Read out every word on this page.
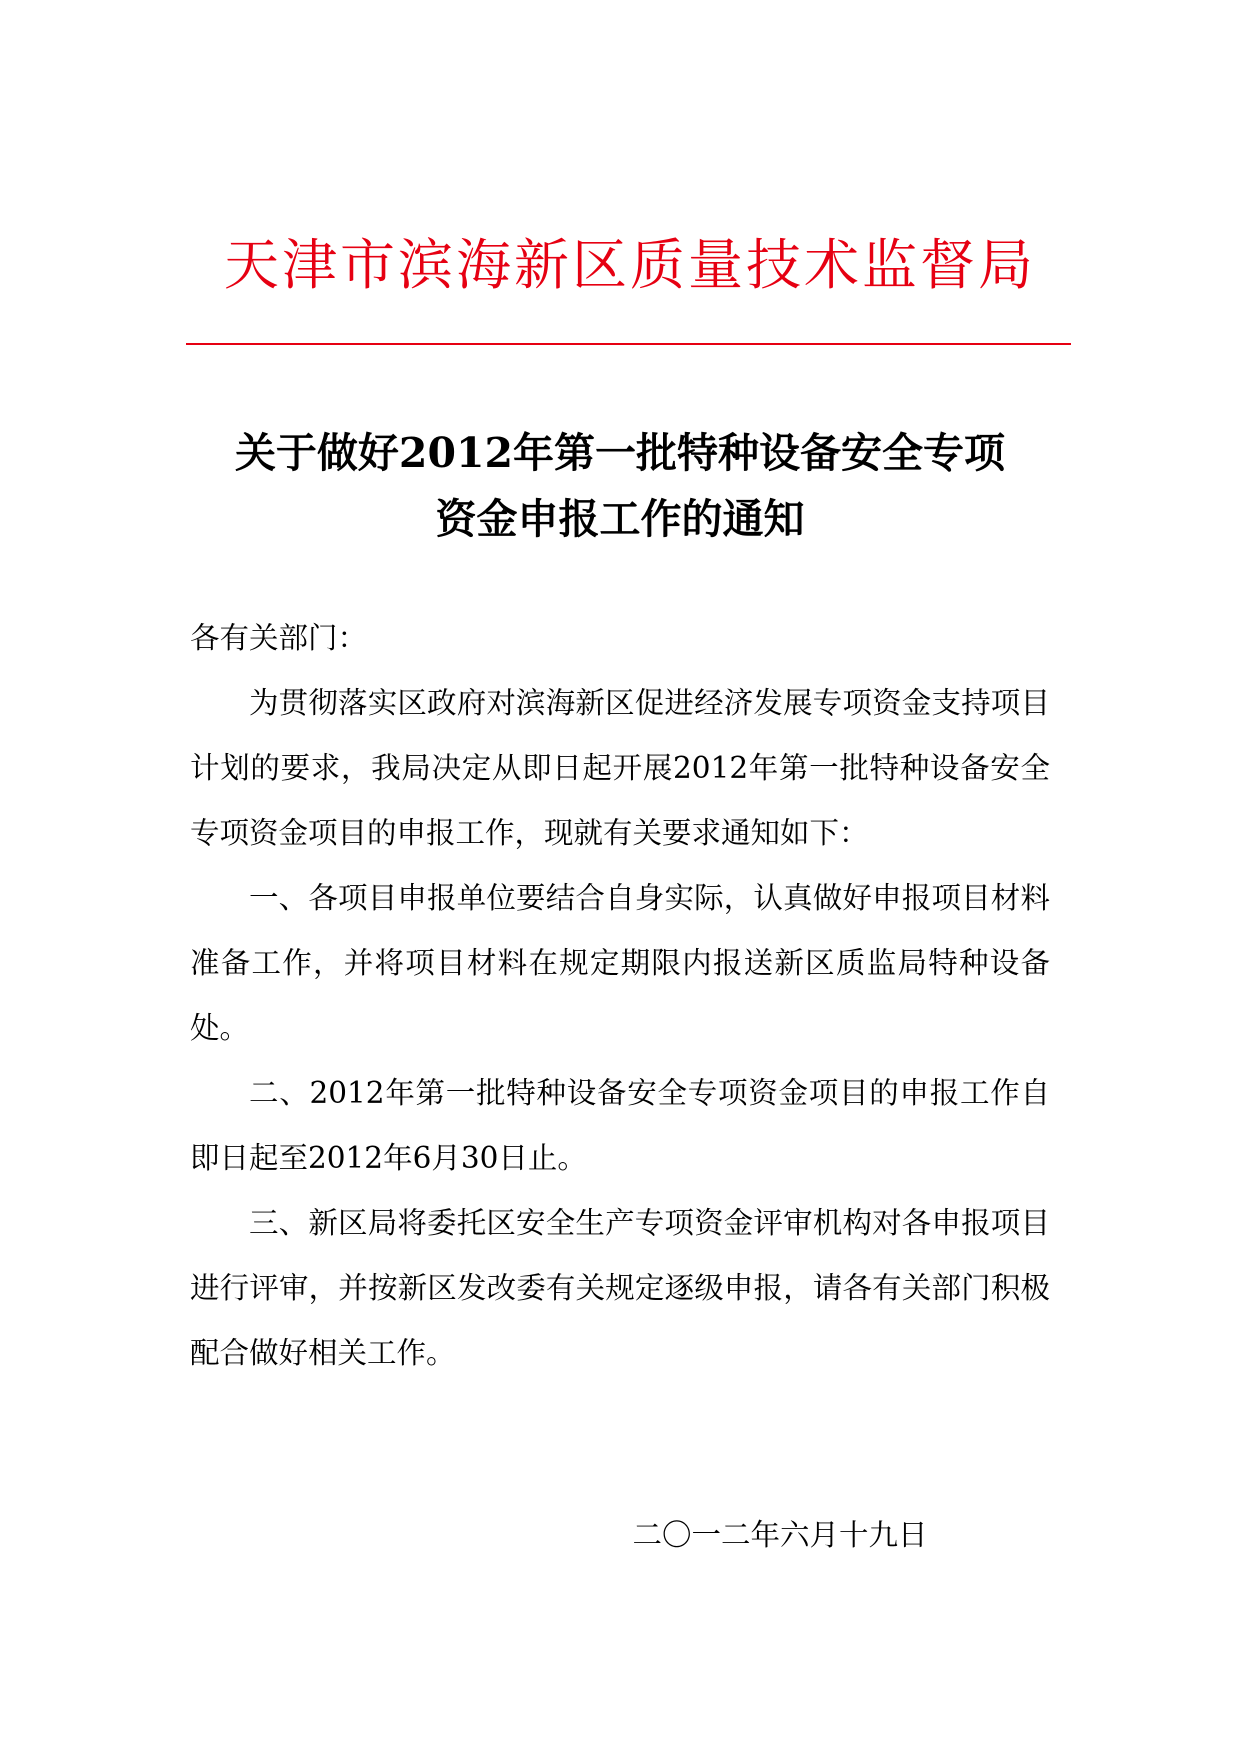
天津市滨海新区质量技术监督局
关于做好2012年第一批特种设备安全专项
资金申报工作的通知

各有关部门：

为贯彻落实区政府对滨海新区促进经济发展专项资金支持项目计划的要求，我局决定从即日起开展2012年第一批特种设备安全专项资金项目的申报工作，现就有关要求通知如下：

一、各项目申报单位要结合自身实际，认真做好申报项目材料准备工作，并将项目材料在规定期限内报送新区质监局特种设备处。

二、2012年第一批特种设备安全专项资金项目的申报工作自即日起至2012年6月30日止。

三、新区局将委托区安全生产专项资金评审机构对各申报项目进行评审，并按新区发改委有关规定逐级申报，请各有关部门积极配合做好相关工作。

二〇一二年六月十九日
